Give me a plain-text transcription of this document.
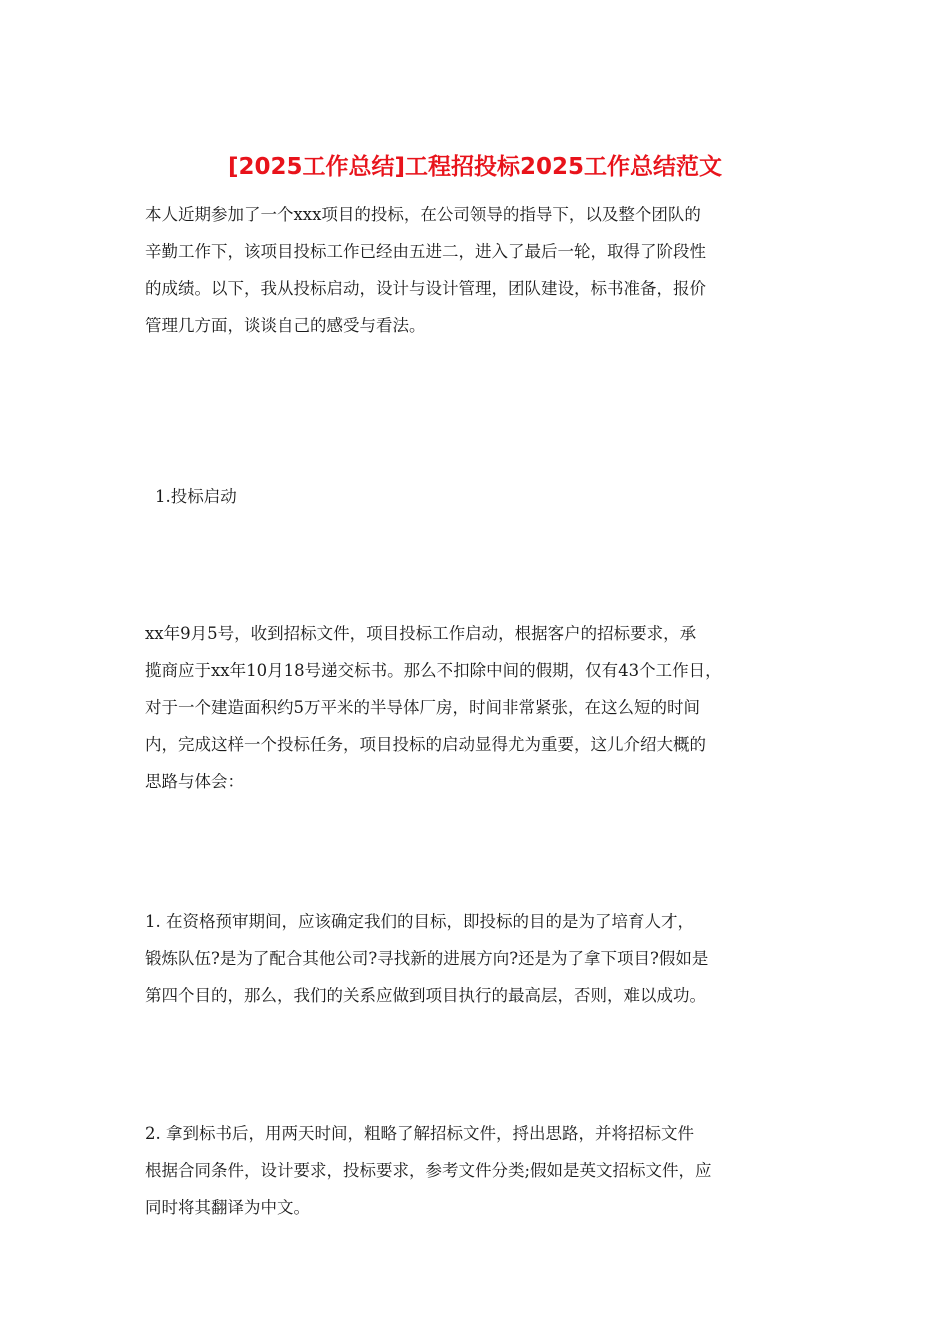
[2025工作总结]工程招投标2025工作总结范文

本人近期参加了一个xxx项目的投标，在公司领导的指导下，以及整个团队的
辛勤工作下，该项目投标工作已经由五进二，进入了最后一轮，取得了阶段性
的成绩。以下，我从投标启动，设计与设计管理，团队建设，标书准备，报价
管理几方面，谈谈自己的感受与看法。

1.投标启动

xx年9月5号，收到招标文件，项目投标工作启动，根据客户的招标要求，承
揽商应于xx年10月18号递交标书。那么不扣除中间的假期，仅有43个工作日，
对于一个建造面积约5万平米的半导体厂房，时间非常紧张，在这么短的时间
内，完成这样一个投标任务，项目投标的启动显得尤为重要，这儿介绍大概的
思路与体会：

1. 在资格预审期间，应该确定我们的目标，即投标的目的是为了培育人才，
锻炼队伍?是为了配合其他公司?寻找新的进展方向?还是为了拿下项目?假如是
第四个目的，那么，我们的关系应做到项目执行的最高层，否则，难以成功。

2. 拿到标书后，用两天时间，粗略了解招标文件，捋出思路，并将招标文件
根据合同条件，设计要求，投标要求，参考文件分类;假如是英文招标文件，应
同时将其翻译为中文。
